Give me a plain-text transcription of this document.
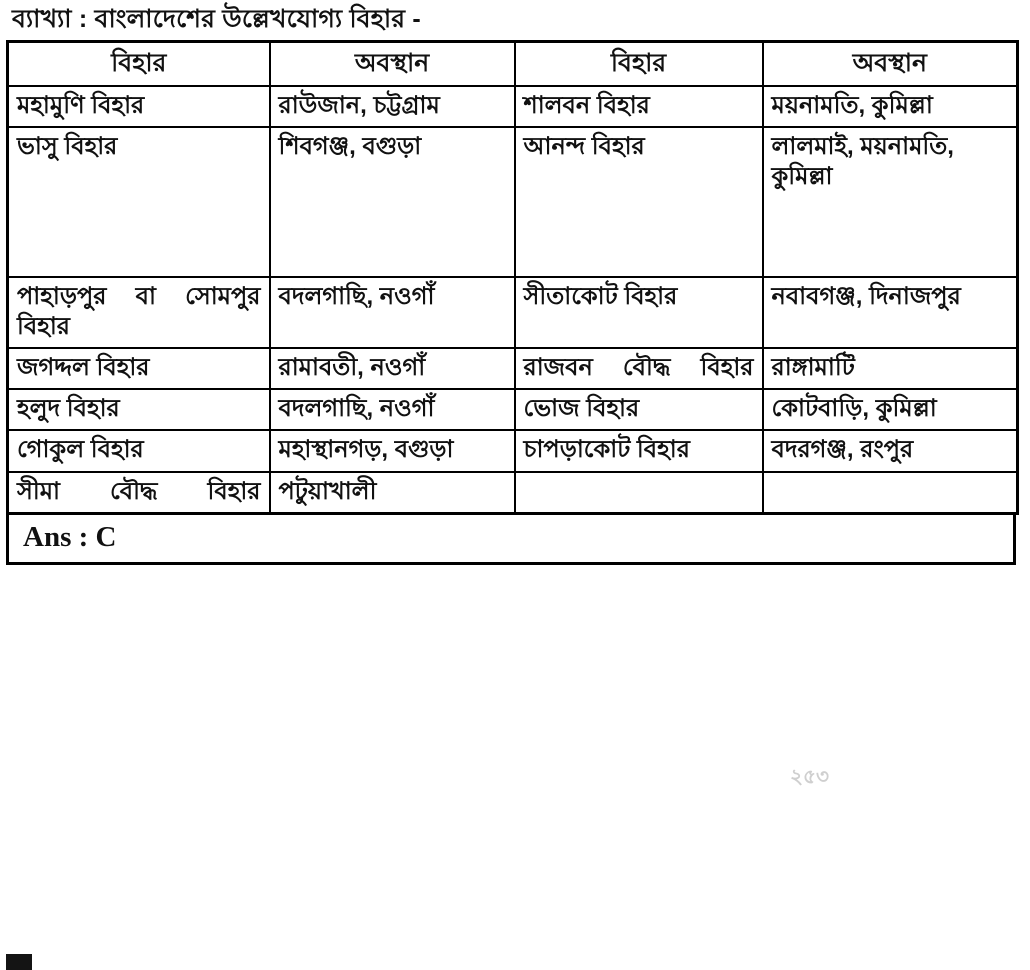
ব্যাখ্যা : বাংলাদেশের উল্লেখযোগ্য বিহার -
বিহার	অবস্থান	বিহার	অবস্থান
মহামুণি বিহার	রাউজান, চট্টগ্রাম	শালবন বিহার	ময়নামতি, কুমিল্লা
ভাসু বিহার	শিবগঞ্জ, বগুড়া	আনন্দ বিহার	লালমাই, ময়নামতি, কুমিল্লা
পাহাড়পুর বা সোমপুর বিহার	বদলগাছি, নওগাঁ	সীতাকোট বিহার	নবাবগঞ্জ, দিনাজপুর
জগদ্দল বিহার	রামাবতী, নওগাঁ	রাজবন বৌদ্ধ বিহার	রাঙ্গামাটি
হলুদ বিহার	বদলগাছি, নওগাঁ	ভোজ বিহার	কোটবাড়ি, কুমিল্লা
গোকুল বিহার	মহাস্থানগড়, বগুড়া	চাপড়াকোট বিহার	বদরগঞ্জ, রংপুর
সীমা বৌদ্ধ বিহার	পটুয়াখালী		
Ans : C
২৫৩
